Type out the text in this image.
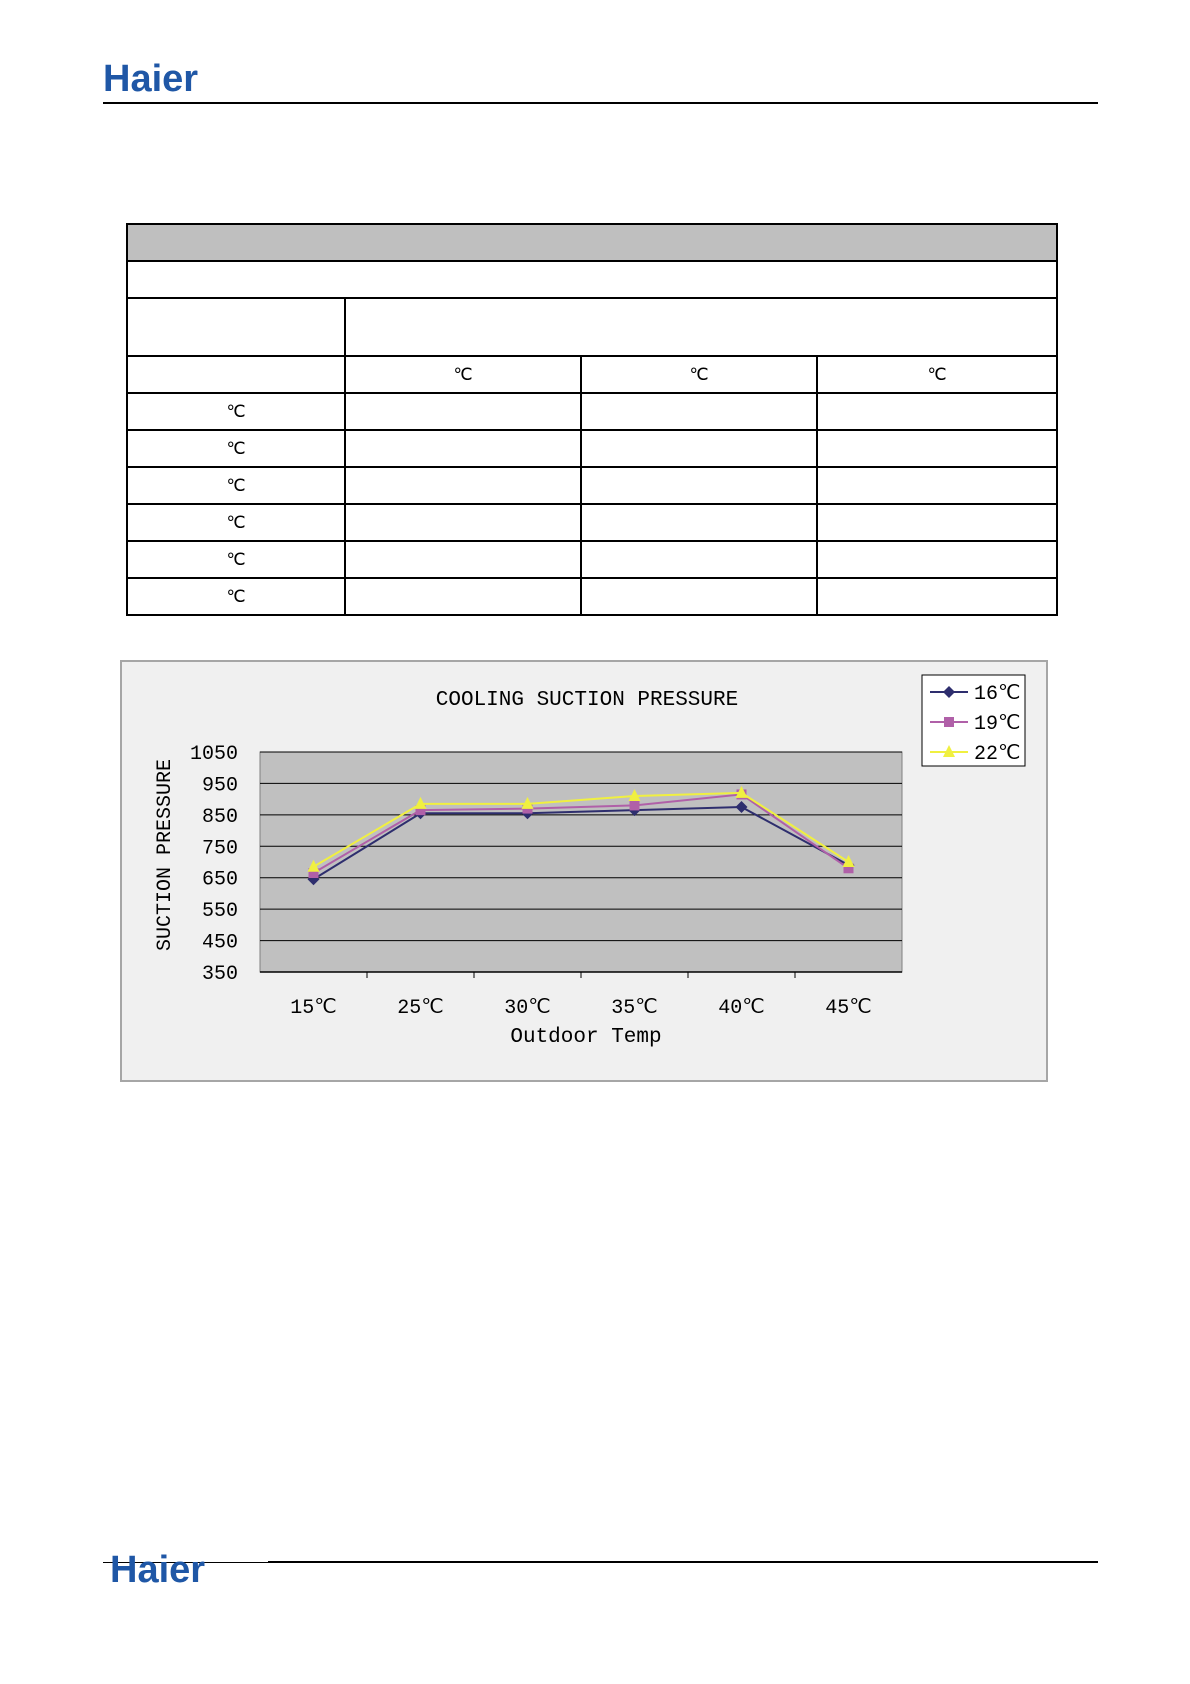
Haier

	℃	℃	℃
℃			
℃			
℃			
℃			
℃			
℃			
COOLING SUCTION PRESSURE
1050
950
850
750
650
550
450
350
15℃	25℃	30℃	35℃	40℃	45℃
SUCTION PRESSURE
Outdoor Temp
16℃
19℃
22℃
Haier
